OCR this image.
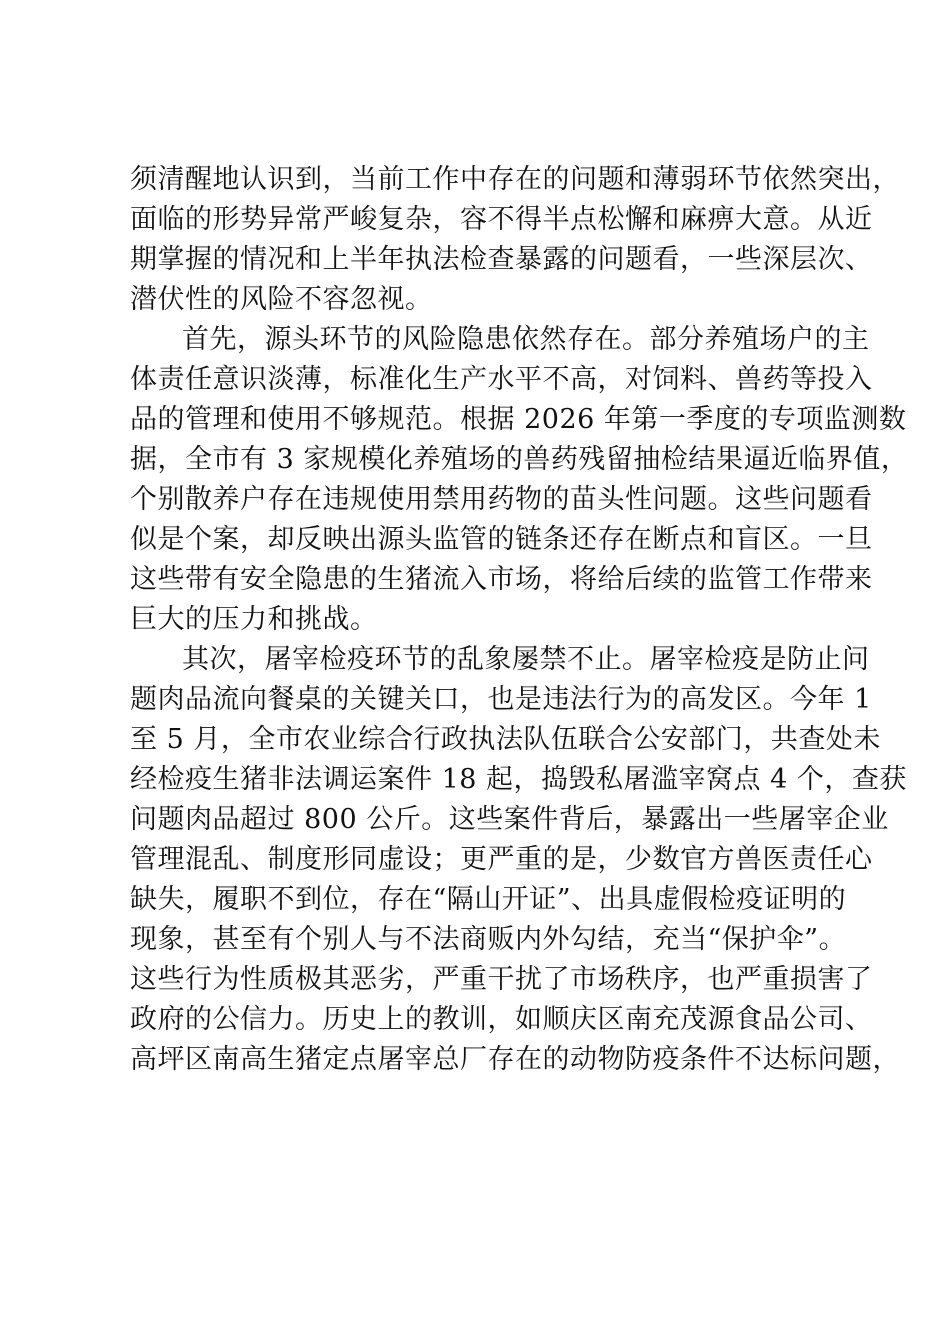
须清醒地认识到，当前工作中存在的问题和薄弱环节依然突出，
面临的形势异常严峻复杂，容不得半点松懈和麻痹大意。从近
期掌握的情况和上半年执法检查暴露的问题看，一些深层次、
潜伏性的风险不容忽视。
首先，源头环节的风险隐患依然存在。部分养殖场户的主
体责任意识淡薄，标准化生产水平不高，对饲料、兽药等投入
品的管理和使用不够规范。根据 2026 年第一季度的专项监测数
据，全市有 3 家规模化养殖场的兽药残留抽检结果逼近临界值，
个别散养户存在违规使用禁用药物的苗头性问题。这些问题看
似是个案，却反映出源头监管的链条还存在断点和盲区。一旦
这些带有安全隐患的生猪流入市场，将给后续的监管工作带来
巨大的压力和挑战。
其次，屠宰检疫环节的乱象屡禁不止。屠宰检疫是防止问
题肉品流向餐桌的关键关口，也是违法行为的高发区。今年 1
至 5 月，全市农业综合行政执法队伍联合公安部门，共查处未
经检疫生猪非法调运案件 18 起，捣毁私屠滥宰窝点 4 个，查获
问题肉品超过 800 公斤。这些案件背后，暴露出一些屠宰企业
管理混乱、制度形同虚设；更严重的是，少数官方兽医责任心
缺失，履职不到位，存在“隔山开证”、出具虚假检疫证明的
现象，甚至有个别人与不法商贩内外勾结，充当“保护伞”。
这些行为性质极其恶劣，严重干扰了市场秩序，也严重损害了
政府的公信力。历史上的教训，如顺庆区南充茂源食品公司、
高坪区南高生猪定点屠宰总厂存在的动物防疫条件不达标问题，
